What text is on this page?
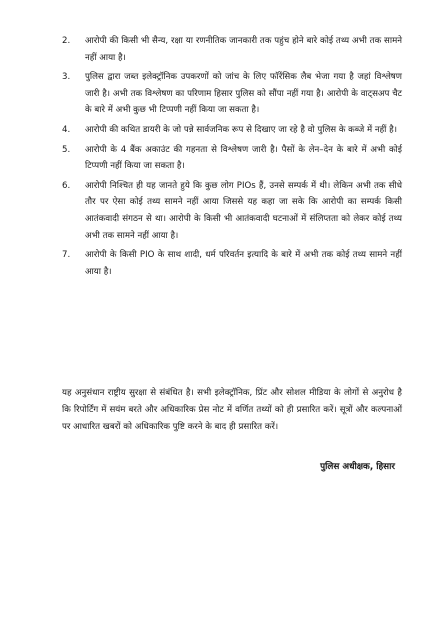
2. आरोपी की किसी भी सैन्य, रक्षा या रणनीतिक जानकारी तक पहुंच होने बारे कोई तथ्य अभी तक सामने नहीं आया है।
3. पुलिस द्वारा जब्त इलेक्ट्रॉनिक उपकरणों को जांच के लिए फॉरेंसिक लैब भेजा गया है जहां विश्लेषण जारी है। अभी तक विश्लेषण का परिणाम हिसार पुलिस को सौंपा नहीं गया है। आरोपी के वाट्सअप चैट के बारे में अभी कुछ भी टिप्पणी नहीं किया जा सकता है।
4. आरोपी की कथित डायरी के जो पन्ने सार्वजनिक रूप से दिखाए जा रहे है वो पुलिस के कब्जे में नहीं है।
5. आरोपी के 4 बैंक अकाउंट की गहनता से विश्लेषण जारी है। पैसों के लेन–देन के बारे में अभी कोई टिप्पणी नहीं किया जा सकता है।
6. आरोपी निश्चित ही यह जानते हुये कि कुछ लोग PIOs हैं, उनसे सम्पर्क में थी। लेकिन अभी तक सीधे तौर पर ऐसा कोई तथ्य सामने नहीं आया जिससे यह कहा जा सके कि आरोपी का सम्पर्क किसी आतंकवादी संगठन से था। आरोपी के किसी भी आतंकवादी घटनाओं में संलिप्तता को लेकर कोई तथ्य अभी तक सामने नहीं आया है।
7. आरोपी के किसी PIO के साथ शादी, धर्म परिवर्तन इत्यादि के बारे में अभी तक कोई तथ्य सामने नहीं आया है।
यह अनुसंधान राष्ट्रीय सुरक्षा से संबंधित है। सभी इलेक्ट्रॉनिक, प्रिंट और सोशल मीडिया के लोगों से अनुरोध है कि रिपोर्टिंग में सयंम बरते और अधिकारिक प्रेस नोट में वर्णित तथ्यों को ही प्रसारित करें। सूत्रों और कल्पनाओं पर आधारित खबरों को अधिकारिक पुष्टि करने के बाद ही प्रसारित करें।
पुलिस अधीक्षक, हिसार
